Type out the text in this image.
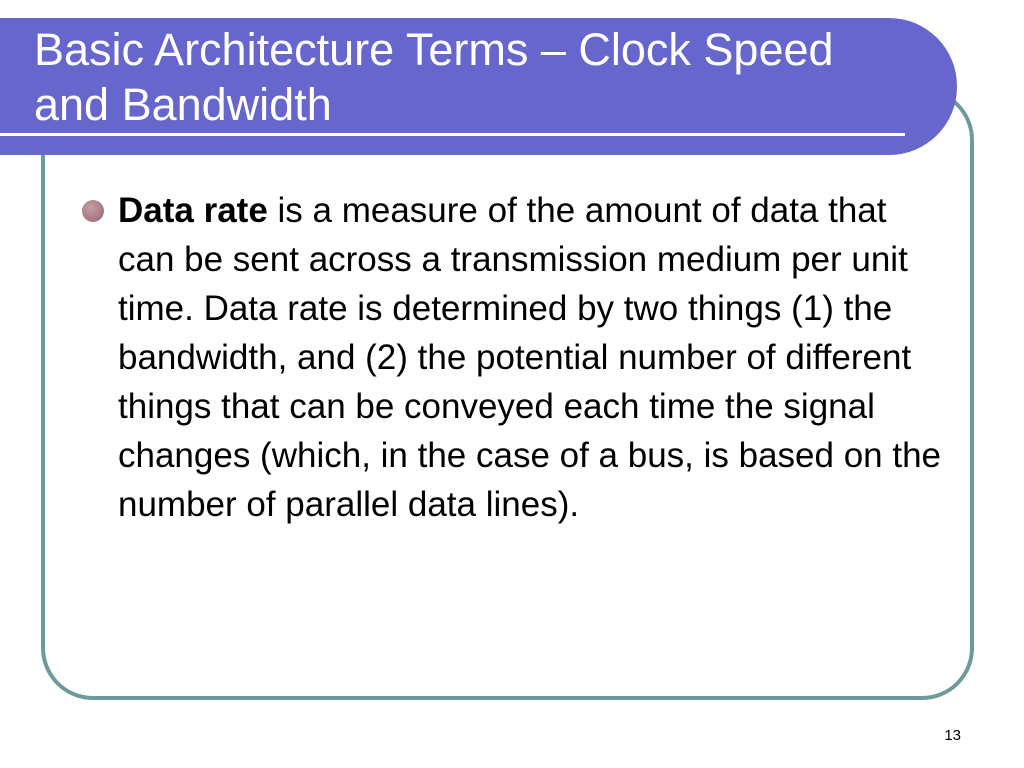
Basic Architecture Terms – Clock Speed and Bandwidth
Data rate is a measure of the amount of data that can be sent across a transmission medium per unit time. Data rate is determined by two things (1) the bandwidth, and (2) the potential number of different things that can be conveyed each time the signal changes (which, in the case of a bus, is based on the number of parallel data lines).
13
